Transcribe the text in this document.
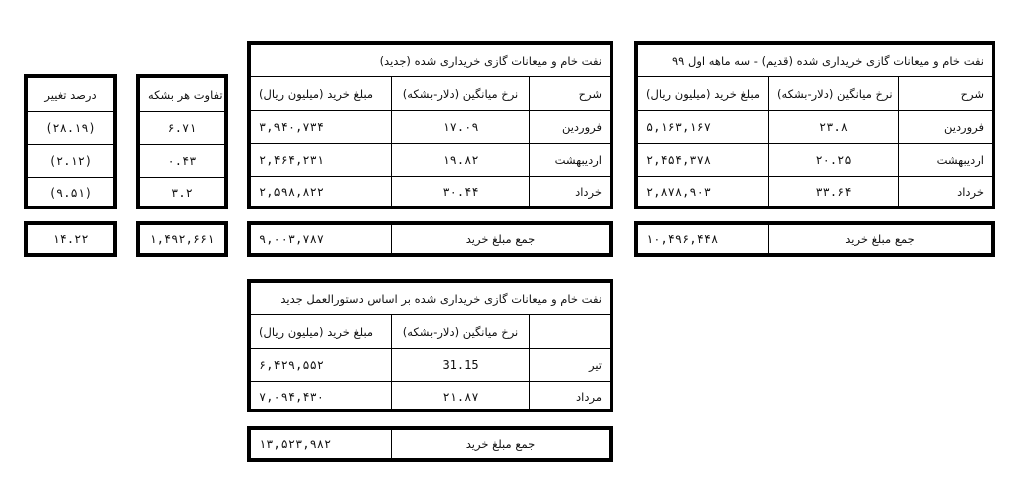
نفت خام و میعانات گازی خریداری شده (قدیم) - سه ماهه اول ۹۹		
مبلغ خرید (میلیون ریال)	نرخ میانگین (دلار-بشکه)	شرح
۵,۱۶۳,۱۶۷	۲۳.۸	فروردین
۲,۴۵۴,۳۷۸	۲۰.۲۵	اردیبهشت
۲,۸۷۸,۹۰۳	۳۳.۶۴	خرداد
۱۰,۴۹۶,۴۴۸	جمع مبلغ خرید
نفت خام و میعانات گازی خریداری شده (جدید)		
مبلغ خرید (میلیون ریال)	نرخ میانگین (دلار-بشکه)	شرح
۳,۹۴۰,۷۳۴	۱۷.۰۹	فروردین
۲,۴۶۴,۲۳۱	۱۹.۸۲	اردیبهشت
۲,۵۹۸,۸۲۲	۳۰.۴۴	خرداد
۹,۰۰۳,۷۸۷	جمع مبلغ خرید
تفاوت هر بشکه
۶.۷۱
۰.۴۳
۳.۲
۱,۴۹۲,۶۶۱
درصد تغییر
(۲۸.۱۹)
(۲.۱۲)
(۹.۵۱)
۱۴.۲۲
نفت خام و میعانات گازی خریداری شده بر اساس دستورالعمل جدید		
مبلغ خرید (میلیون ریال)	نرخ میانگین (دلار-بشکه)	
۶,۴۲۹,۵۵۲	31.15	تیر
۷,۰۹۴,۴۳۰	۲۱.۸۷	مرداد
۱۳,۵۲۳,۹۸۲	جمع مبلغ خرید
